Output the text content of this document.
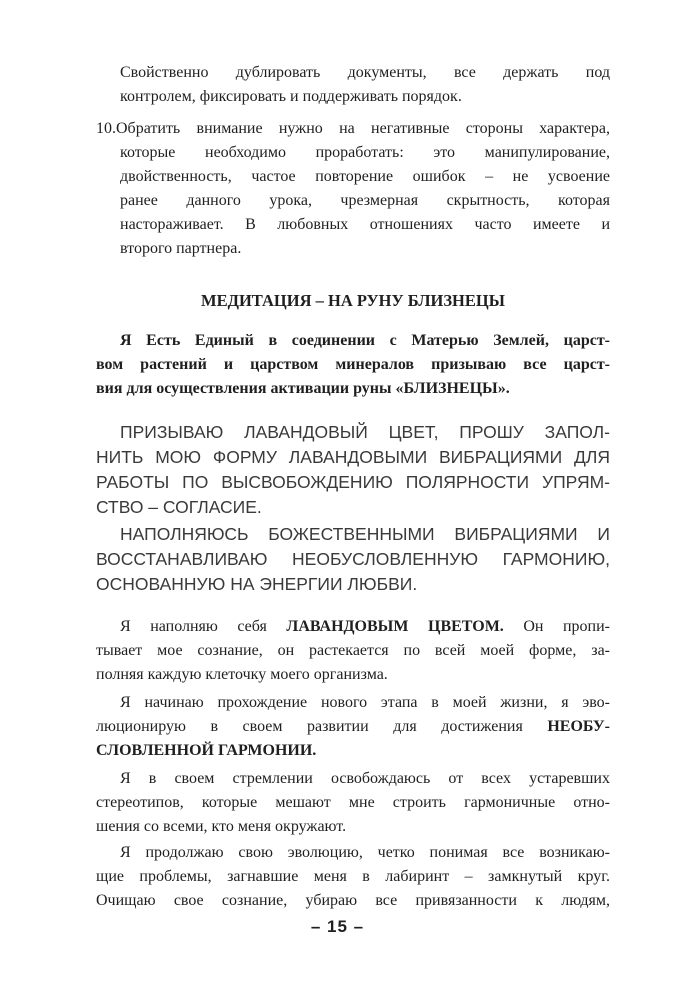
Свойственно дублировать документы, все держать под

контролем, фиксировать и поддерживать порядок.

10.Обратить внимание нужно на негативные стороны характера,

которые необходимо проработать: это манипулирование,

двойственность, частое повторение ошибок – не усвоение

ранее данного урока, чрезмерная скрытность, которая

настораживает. В любовных отношениях часто имеете и

второго партнера.

МЕДИТАЦИЯ – НА РУНУ БЛИЗНЕЦЫ

Я Есть Единый в соединении с Матерью Землей, царст-

вом растений и царством минералов призываю все царст-

вия для осуществления активации руны «БЛИЗНЕЦЫ».

ПРИЗЫВАЮ ЛАВАНДОВЫЙ ЦВЕТ, ПРОШУ ЗАПОЛ-

НИТЬ МОЮ ФОРМУ ЛАВАНДОВЫМИ ВИБРАЦИЯМИ ДЛЯ

РАБОТЫ ПО ВЫСВОБОЖДЕНИЮ ПОЛЯРНОСТИ УПРЯМ-

СТВО – СОГЛАСИЕ.

НАПОЛНЯЮСЬ БОЖЕСТВЕННЫМИ ВИБРАЦИЯМИ И

ВОССТАНАВЛИВАЮ НЕОБУСЛОВЛЕННУЮ ГАРМОНИЮ,

ОСНОВАННУЮ НА ЭНЕРГИИ ЛЮБВИ.

Я наполняю себя ЛАВАНДОВЫМ ЦВЕТОМ. Он пропи-

тывает мое сознание, он растекается по всей моей форме, за-

полняя каждую клеточку моего организма.

Я начинаю прохождение нового этапа в моей жизни, я эво-

люционирую в своем развитии для достижения НЕОБУ-

СЛОВЛЕННОЙ ГАРМОНИИ.

Я в своем стремлении освобождаюсь от всех устаревших

стереотипов, которые мешают мне строить гармоничные отно-

шения со всеми, кто меня окружают.

Я продолжаю свою эволюцию, четко понимая все возникаю-

щие проблемы, загнавшие меня в лабиринт – замкнутый круг.

Очищаю свое сознание, убираю все привязанности к людям,

– 15 –
